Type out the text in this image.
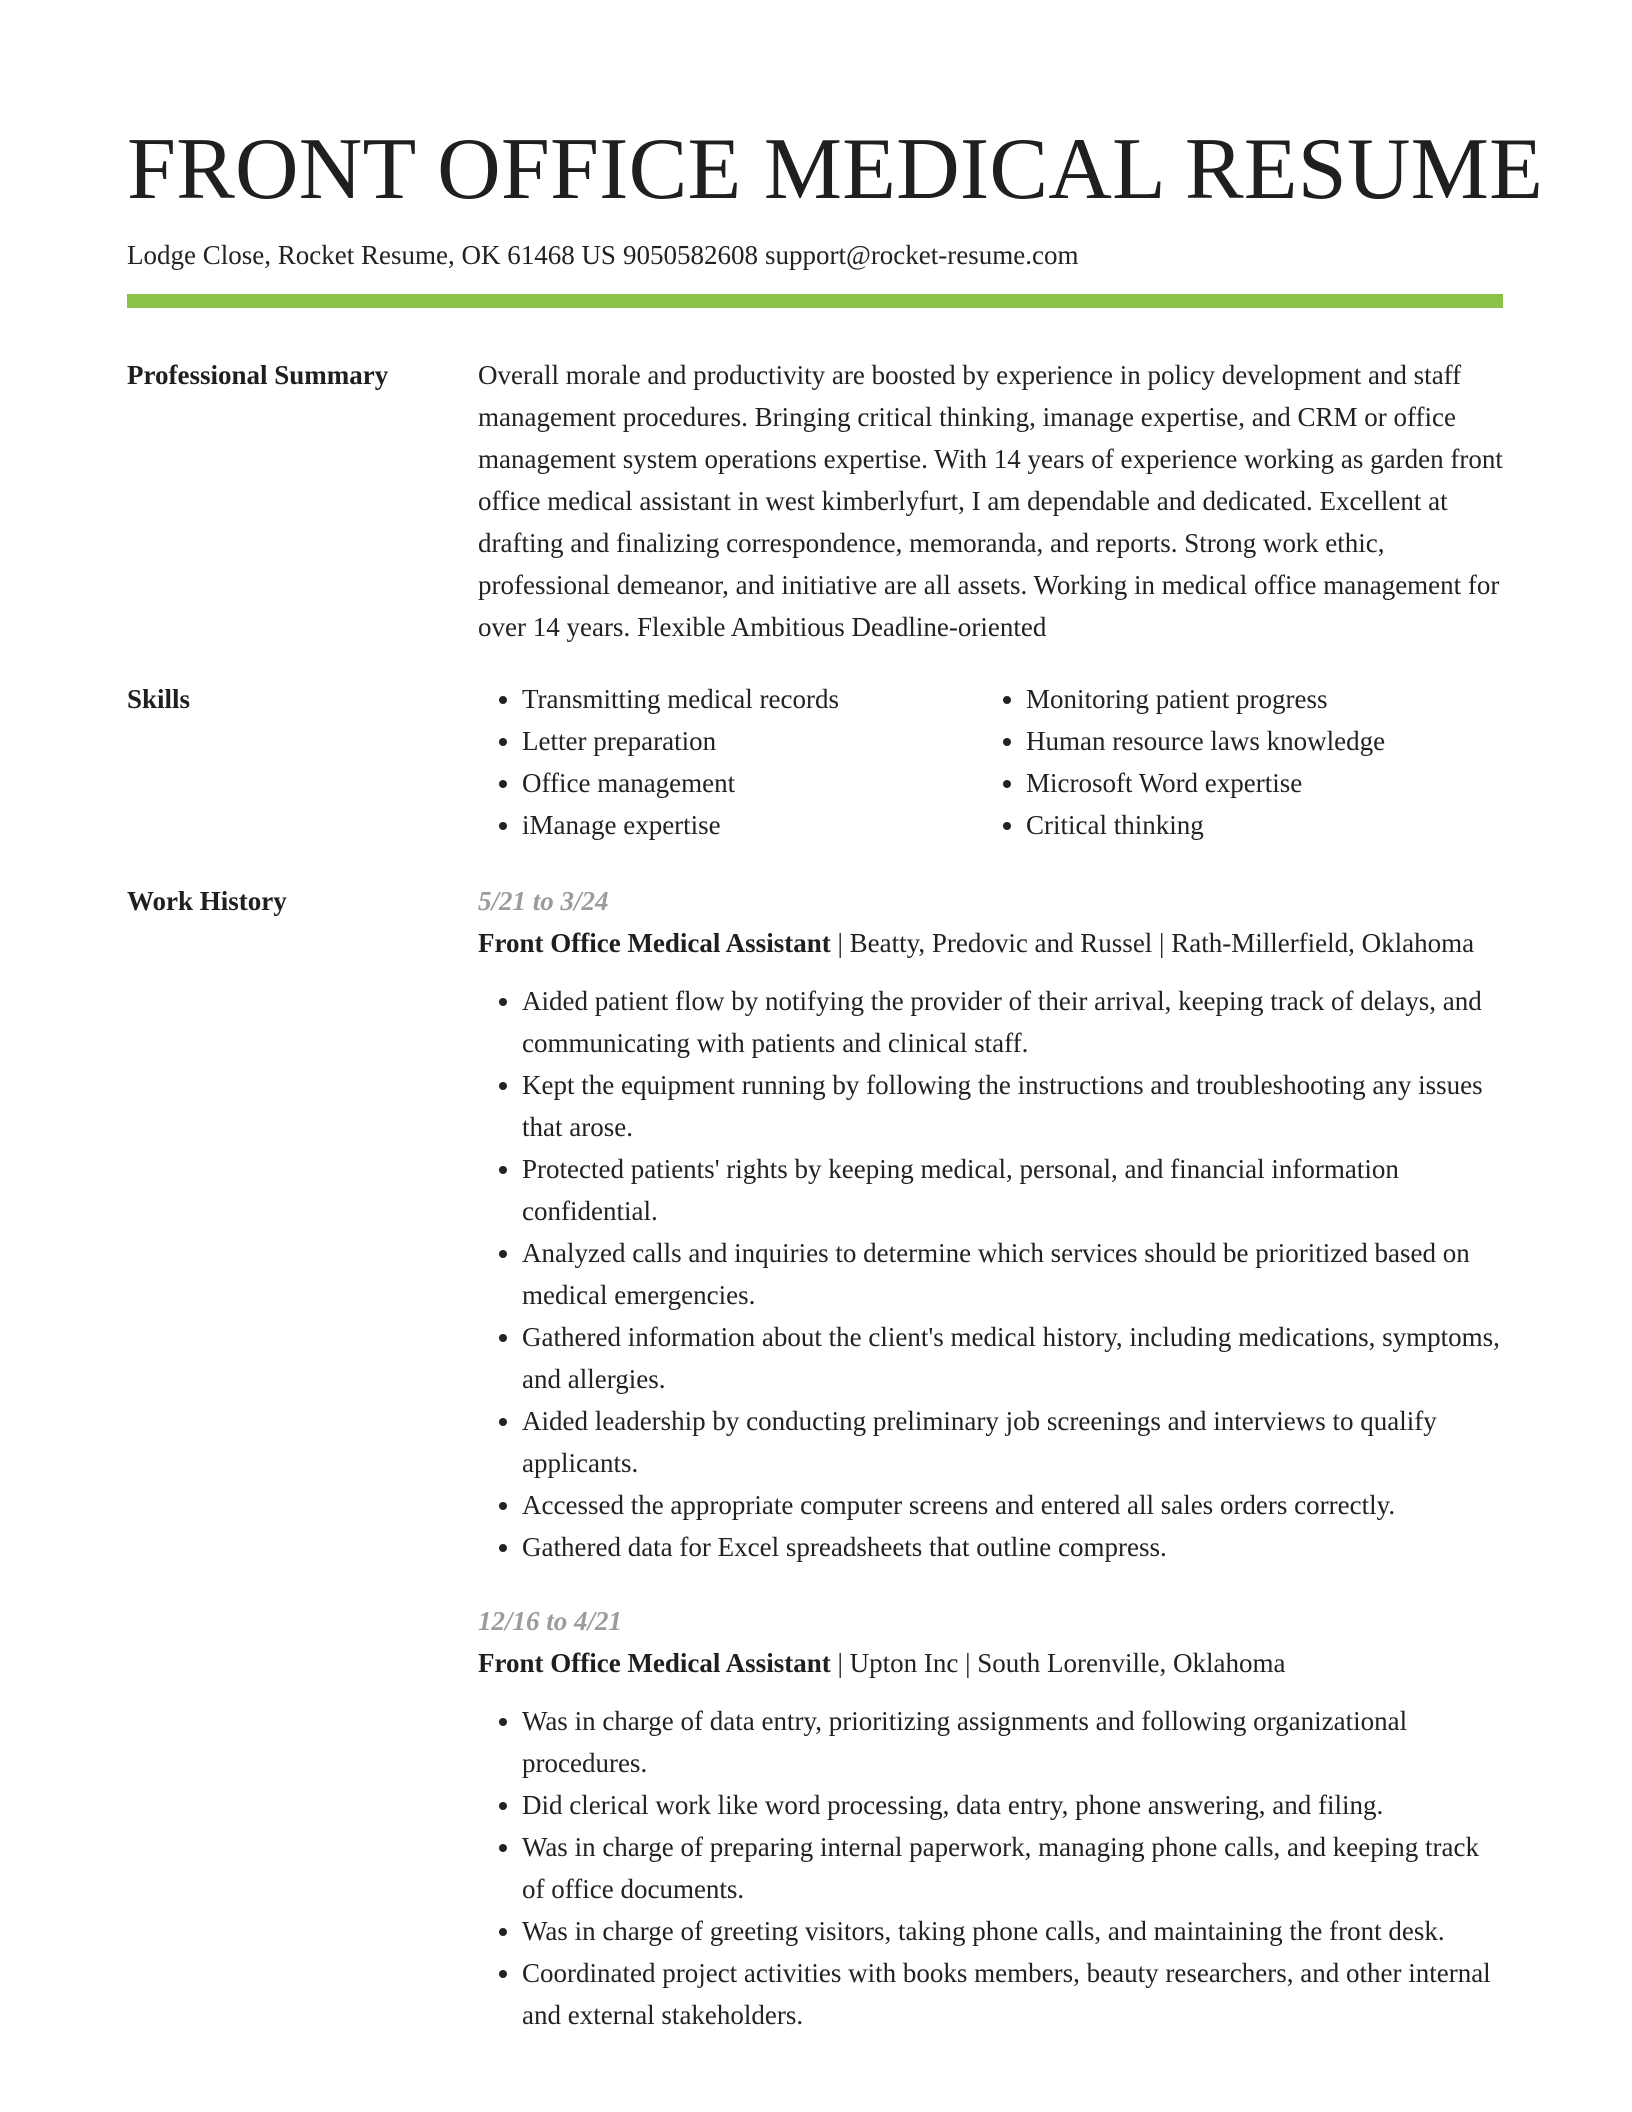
FRONT OFFICE MEDICAL RESUME
Lodge Close, Rocket Resume, OK 61468 US 9050582608 support@rocket-resume.com
Professional Summary	Overall morale and productivity are boosted by experience in policy development and staff management procedures. Bringing critical thinking, imanage expertise, and CRM or office management system operations expertise. With 14 years of experience working as garden front office medical assistant in west kimberlyfurt, I am dependable and dedicated. Excellent at drafting and finalizing correspondence, memoranda, and reports. Strong work ethic, professional demeanor, and initiative are all assets. Working in medical office management for over 14 years. Flexible Ambitious Deadline-oriented

Skills
•	Transmitting medical records
• Letter preparation
• Office management
• iManage expertise
• Monitoring patient progress
• Human resource laws knowledge
• Microsoft Word expertise
• Critical thinking
Work History	5/21 to 3/24
Front Office Medical Assistant | Beatty, Predovic and Russel | Rath-Millerfield, Oklahoma
• Aided patient flow by notifying the provider of their arrival, keeping track of delays, and communicating with patients and clinical staff.
• Kept the equipment running by following the instructions and troubleshooting any issues that arose.
• Protected patients' rights by keeping medical, personal, and financial information confidential.
• Analyzed calls and inquiries to determine which services should be prioritized based on medical emergencies.
• Gathered information about the client's medical history, including medications, symptoms, and allergies.
• Aided leadership by conducting preliminary job screenings and interviews to qualify applicants.
• Accessed the appropriate computer screens and entered all sales orders correctly.
• Gathered data for Excel spreadsheets that outline compress.
12/16 to 4/21
Front Office Medical Assistant | Upton Inc | South Lorenville, Oklahoma
• Was in charge of data entry, prioritizing assignments and following organizational procedures.
• Did clerical work like word processing, data entry, phone answering, and filing.
• Was in charge of preparing internal paperwork, managing phone calls, and keeping track of office documents.
• Was in charge of greeting visitors, taking phone calls, and maintaining the front desk.
• Coordinated project activities with books members, beauty researchers, and other internal and external stakeholders.
